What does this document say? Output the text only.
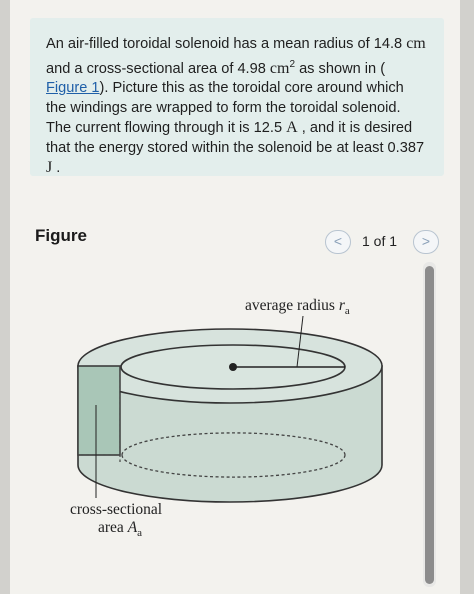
An air-filled toroidal solenoid has a mean radius of 14.8 cm and a cross-sectional area of 4.98 $cm^2$ as shown in ( Figure 1). Picture this as the toroidal core around which the windings are wrapped to form the toroidal solenoid. The current flowing through it is 12.5 A , and it is desired that the energy stored within the solenoid be at least 0.387 J .
Figure	<	1 of 1	>
average radius $r_a$
cross-sectional
area $A_a$
